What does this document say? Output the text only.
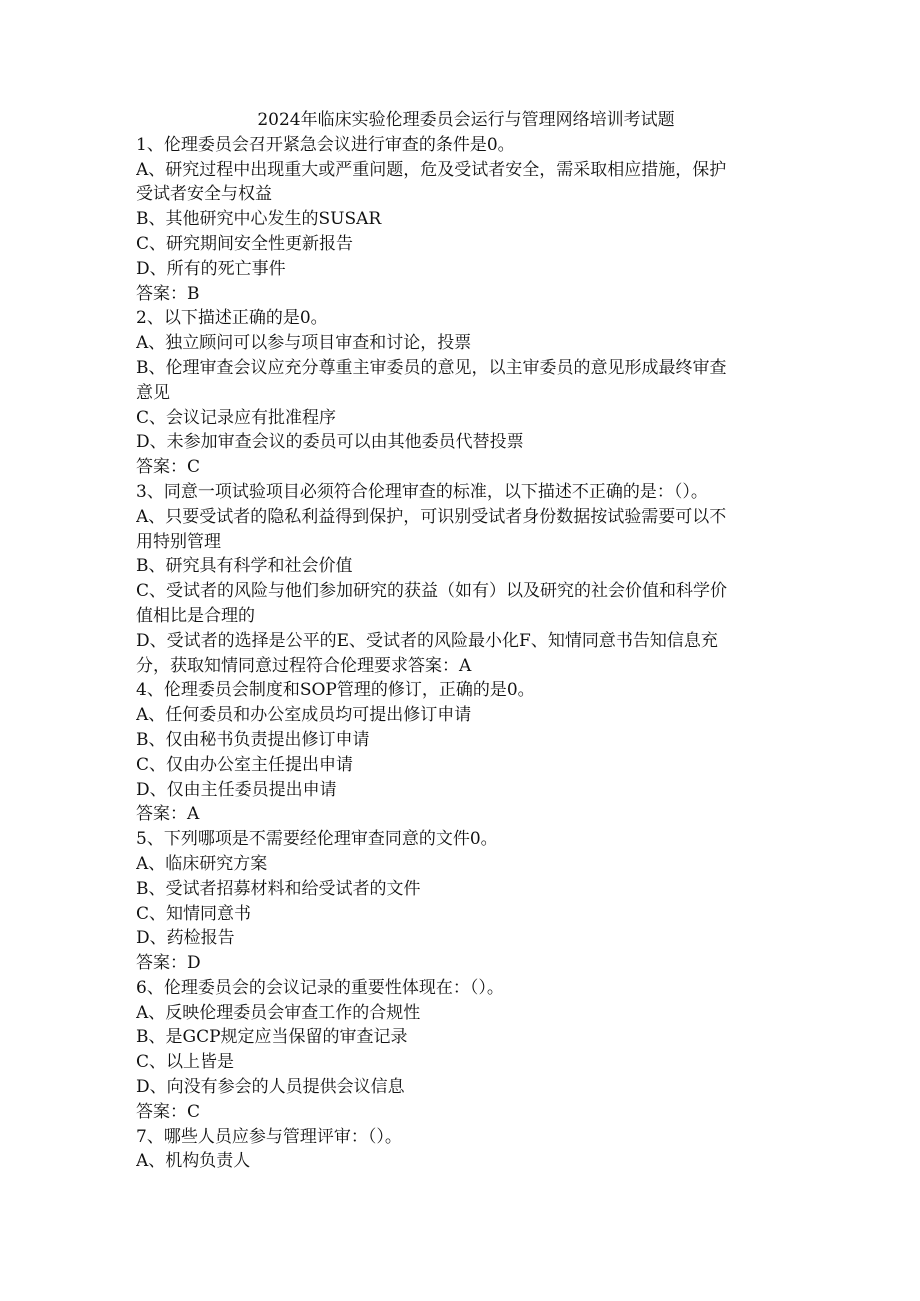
2024年临床实验伦理委员会运行与管理网络培训考试题

1、伦理委员会召开紧急会议进行审查的条件是0。

A、研究过程中出现重大或严重问题，危及受试者安全，需采取相应措施，保护

受试者安全与权益

B、其他研究中心发生的SUSAR

C、研究期间安全性更新报告

D、所有的死亡事件

答案：B

2、以下描述正确的是0。

A、独立顾问可以参与项目审查和讨论，投票

B、伦理审查会议应充分尊重主审委员的意见，以主审委员的意见形成最终审查

意见

C、会议记录应有批准程序

D、未参加审查会议的委员可以由其他委员代替投票

答案：C

3、同意一项试验项目必须符合伦理审查的标准，以下描述不正确的是：（）。

A、只要受试者的隐私利益得到保护，可识别受试者身份数据按试验需要可以不

用特别管理

B、研究具有科学和社会价值

C、受试者的风险与他们参加研究的获益（如有）以及研究的社会价值和科学价

值相比是合理的

D、受试者的选择是公平的E、受试者的风险最小化F、知情同意书告知信息充

分，获取知情同意过程符合伦理要求答案：A

4、伦理委员会制度和SOP管理的修订，正确的是0。

A、任何委员和办公室成员均可提出修订申请

B、仅由秘书负责提出修订申请

C、仅由办公室主任提出申请

D、仅由主任委员提出申请

答案：A

5、下列哪项是不需要经伦理审查同意的文件0。

A、临床研究方案

B、受试者招募材料和给受试者的文件

C、知情同意书

D、药检报告

答案：D

6、伦理委员会的会议记录的重要性体现在：（）。

A、反映伦理委员会审查工作的合规性

B、是GCP规定应当保留的审查记录

C、以上皆是

D、向没有参会的人员提供会议信息

答案：C

7、哪些人员应参与管理评审：（）。

A、机构负责人
